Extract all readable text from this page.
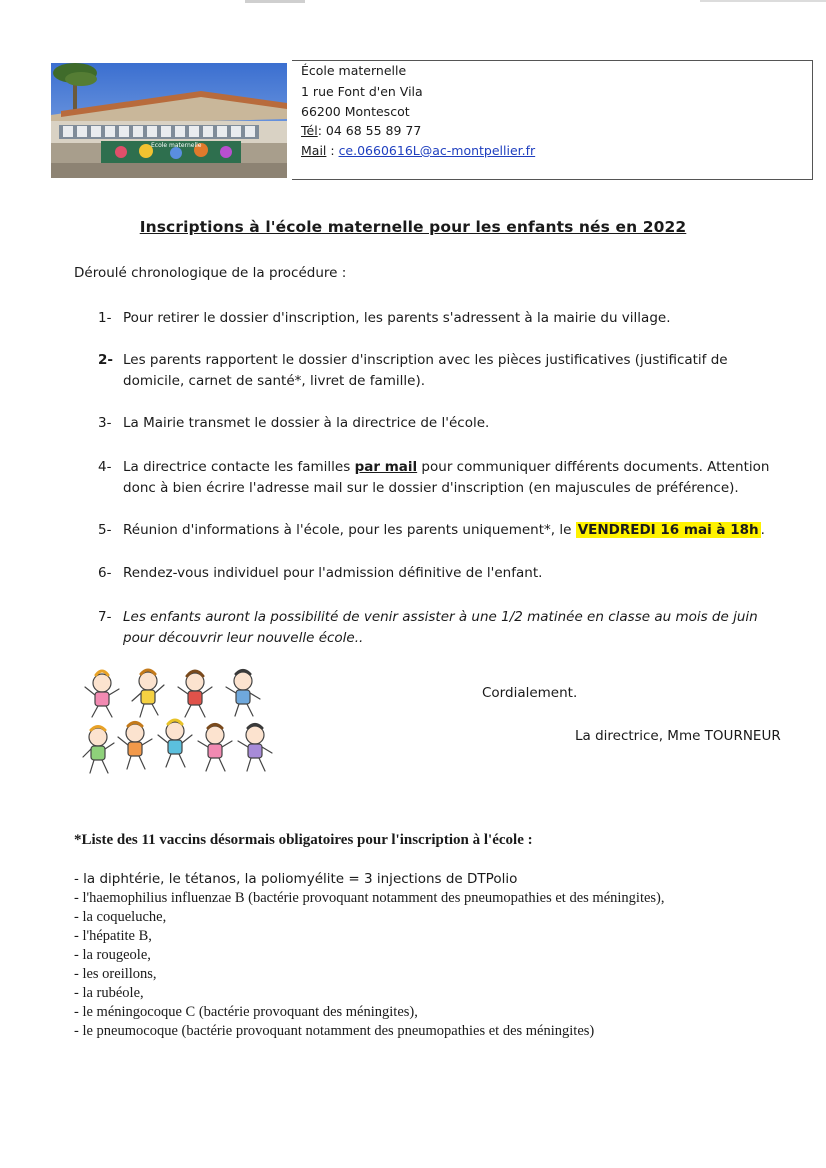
Ecole maternelle
École maternelle
1 rue Font d'en Vila
66200 Montescot
Tél: 04 68 55 89 77
Mail : ce.0660616L@ac-montpellier.fr
Inscriptions à l'école maternelle pour les enfants nés en 2022
Déroulé chronologique de la procédure :
1- Pour retirer le dossier d'inscription, les parents s'adressent à la mairie du village.
2- Les parents rapportent le dossier d'inscription avec les pièces justificatives (justificatif de
domicile, carnet de santé*, livret de famille).
3- La Mairie transmet le dossier à la directrice de l'école.
4- La directrice contacte les familles par mail pour communiquer différents documents. Attention
donc à bien écrire l'adresse mail sur le dossier d'inscription (en majuscules de préférence).
5- Réunion d'informations à l'école, pour les parents uniquement*, le VENDREDI 16 mai à 18h .
6- Rendez-vous individuel pour l'admission définitive de l'enfant.
7- Les enfants auront la possibilité de venir assister à une 1/2 matinée en classe au mois de juin
pour découvrir leur nouvelle école..
Cordialement.
La directrice, Mme TOURNEUR
*Liste des 11 vaccins désormais obligatoires pour l'inscription à l'école :
- la diphtérie, le tétanos, la poliomyélite = 3 injections de DTPolio
- l'haemophilius influenzae B (bactérie provoquant notamment des pneumopathies et des méningites),
- la coqueluche,
- l'hépatite B,
- la rougeole,
- les oreillons,
- la rubéole,
- le méningocoque C (bactérie provoquant des méningites),
- le pneumocoque (bactérie provoquant notamment des pneumopathies et des méningites)
